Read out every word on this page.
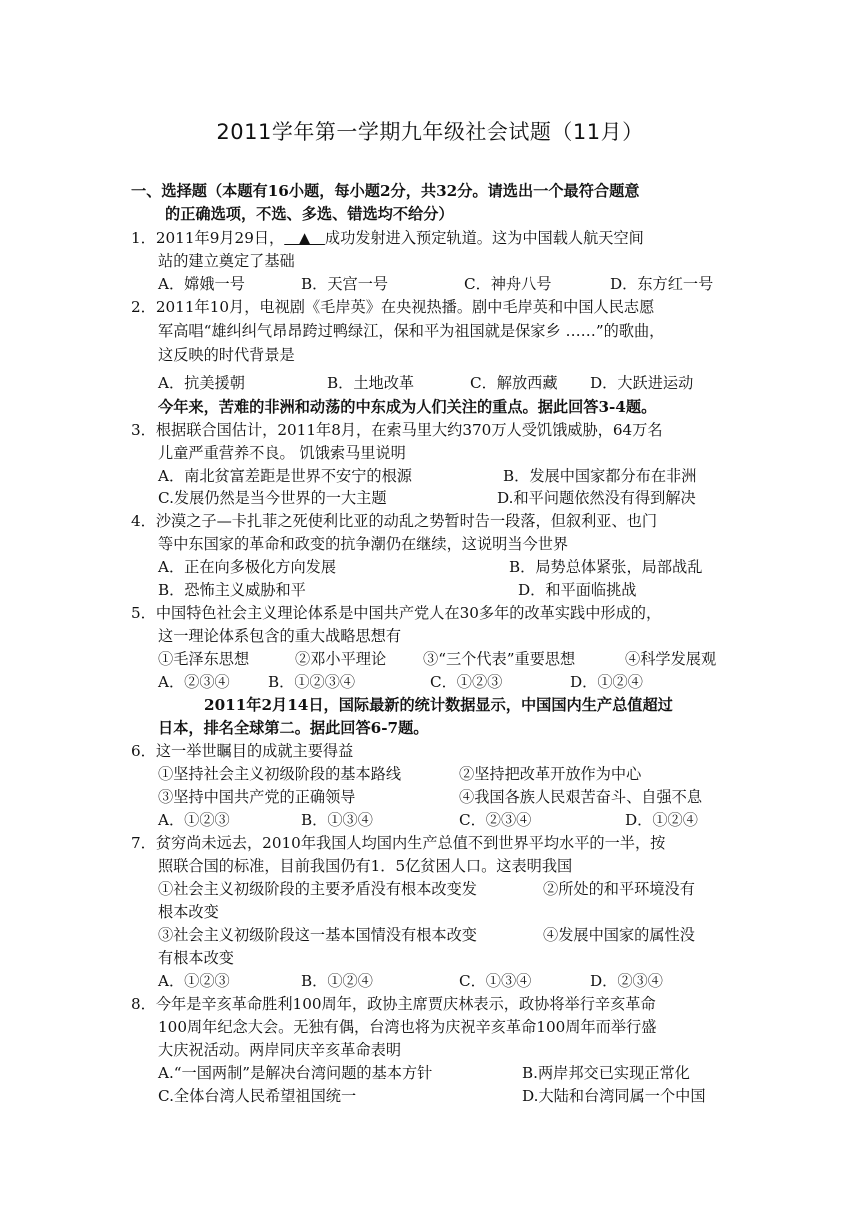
2011学年第一学期九年级社会试题（11月）
一、选择题（本题有16小题，每小题2分，共32分。请选出一个最符合题意
的正确选项，不选、多选、错选均不给分）
1．2011年9月29日，   ▲   成功发射进入预定轨道。这为中国载人航天空间
站的建立奠定了基础
A．嫦娥一号	B．天宫一号	C．神舟八号	D．东方红一号
2．2011年10月，电视剧《毛岸英》在央视热播。剧中毛岸英和中国人民志愿
军高唱“雄纠纠气昂昂跨过鸭绿江，保和平为祖国就是保家乡 ……”的歌曲，
这反映的时代背景是
A．抗美援朝	B．土地改革	C．解放西藏 D．大跃进运动
今年来，苦难的非洲和动荡的中东成为人们关注的重点。据此回答3-4题。
3．根据联合国估计，2011年8月，在索马里大约370万人受饥饿威胁，64万名
儿童严重营养不良。 饥饿索马里说明
A．南北贫富差距是世界不安宁的根源	B．发展中国家都分布在非洲
C.发展仍然是当今世界的一大主题	D.和平问题依然没有得到解决
4．沙漠之子—卡扎菲之死使利比亚的动乱之势暂时告一段落，但叙利亚、也门
等中东国家的革命和政变的抗争潮仍在继续，这说明当今世界
A．正在向多极化方向发展	B．局势总体紧张，局部战乱
B．恐怖主义威胁和平	D．和平面临挑战
5．中国特色社会主义理论体系是中国共产党人在30多年的改革实践中形成的，
这一理论体系包含的重大战略思想有
①毛泽东思想	②邓小平理论 ③“三个代表”重要思想	④科学发展观
A．②③④	B．①②③④	C．①②③	D．①②④
2011年2月14日，国际最新的统计数据显示，中国国内生产总值超过
日本，排名全球第二。据此回答6-7题。
6．这一举世瞩目的成就主要得益
①坚持社会主义初级阶段的基本路线	②坚持把改革开放作为中心
③坚持中国共产党的正确领导	④我国各族人民艰苦奋斗、自强不息
A．①②③	B．①③④	C．②③④	D．①②④
7．贫穷尚未远去，2010年我国人均国内生产总值不到世界平均水平的一半，按
照联合国的标准，目前我国仍有1．5亿贫困人口。这表明我国
①社会主义初级阶段的主要矛盾没有根本改变发	②所处的和平环境没有
根本改变
③社会主义初级阶段这一基本国情没有根本改变	④发展中国家的属性没
有根本改变
A．①②③	B．①②④	C．①③④	D．②③④
8．今年是辛亥革命胜利100周年，政协主席贾庆林表示，政协将举行辛亥革命
100周年纪念大会。无独有偶，台湾也将为庆祝辛亥革命100周年而举行盛
大庆祝活动。两岸同庆辛亥革命表明
A.“一国两制”是解决台湾问题的基本方针	B.两岸邦交已实现正常化
C.全体台湾人民希望祖国统一	D.大陆和台湾同属一个中国
